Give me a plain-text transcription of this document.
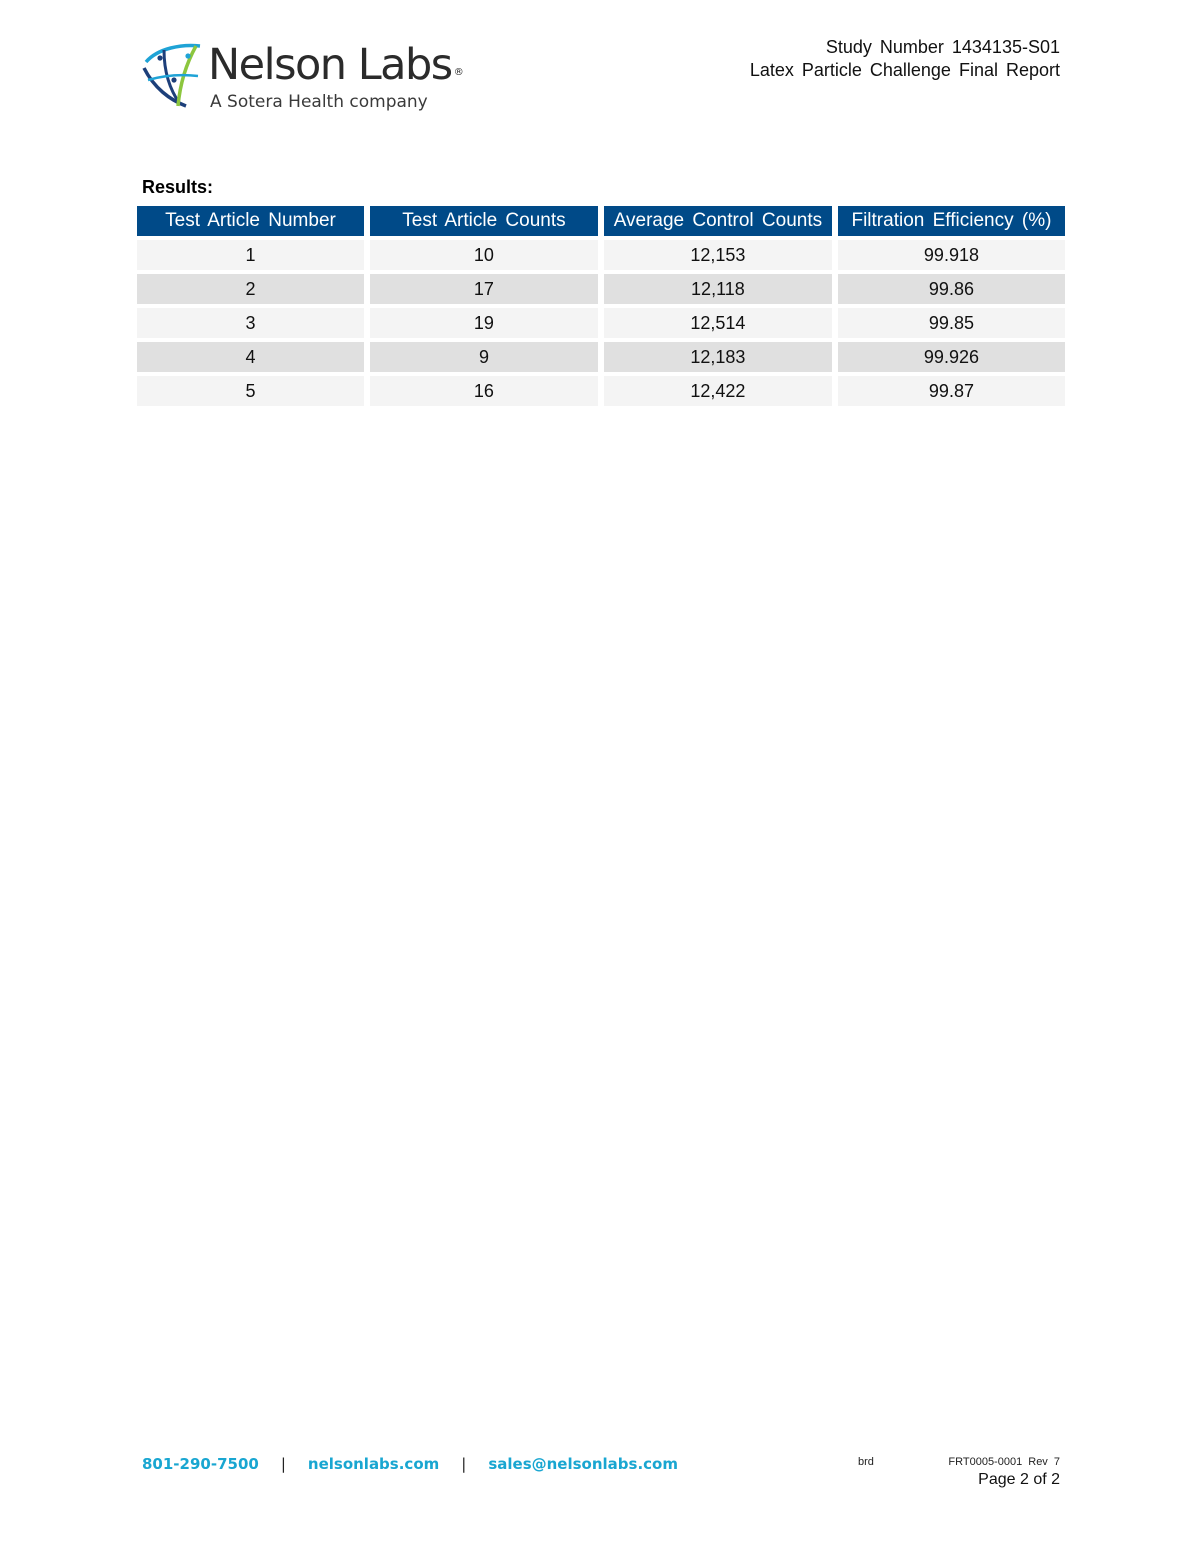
Nelson Labs ®
A Sotera Health company
Study Number 1434135-S01
Latex Particle Challenge Final Report
Results:
Test Article Number	Test Article Counts	Average Control Counts	Filtration Efficiency (%)
1	10	12,153	99.918
2	17	12,118	99.86
3	19	12,514	99.85
4	9	12,183	99.926
5	16	12,422	99.87
801-290-7500 | nelsonlabs.com | sales@nelsonlabs.com	brd	FRT0005-0001 Rev 7
Page 2 of 2
